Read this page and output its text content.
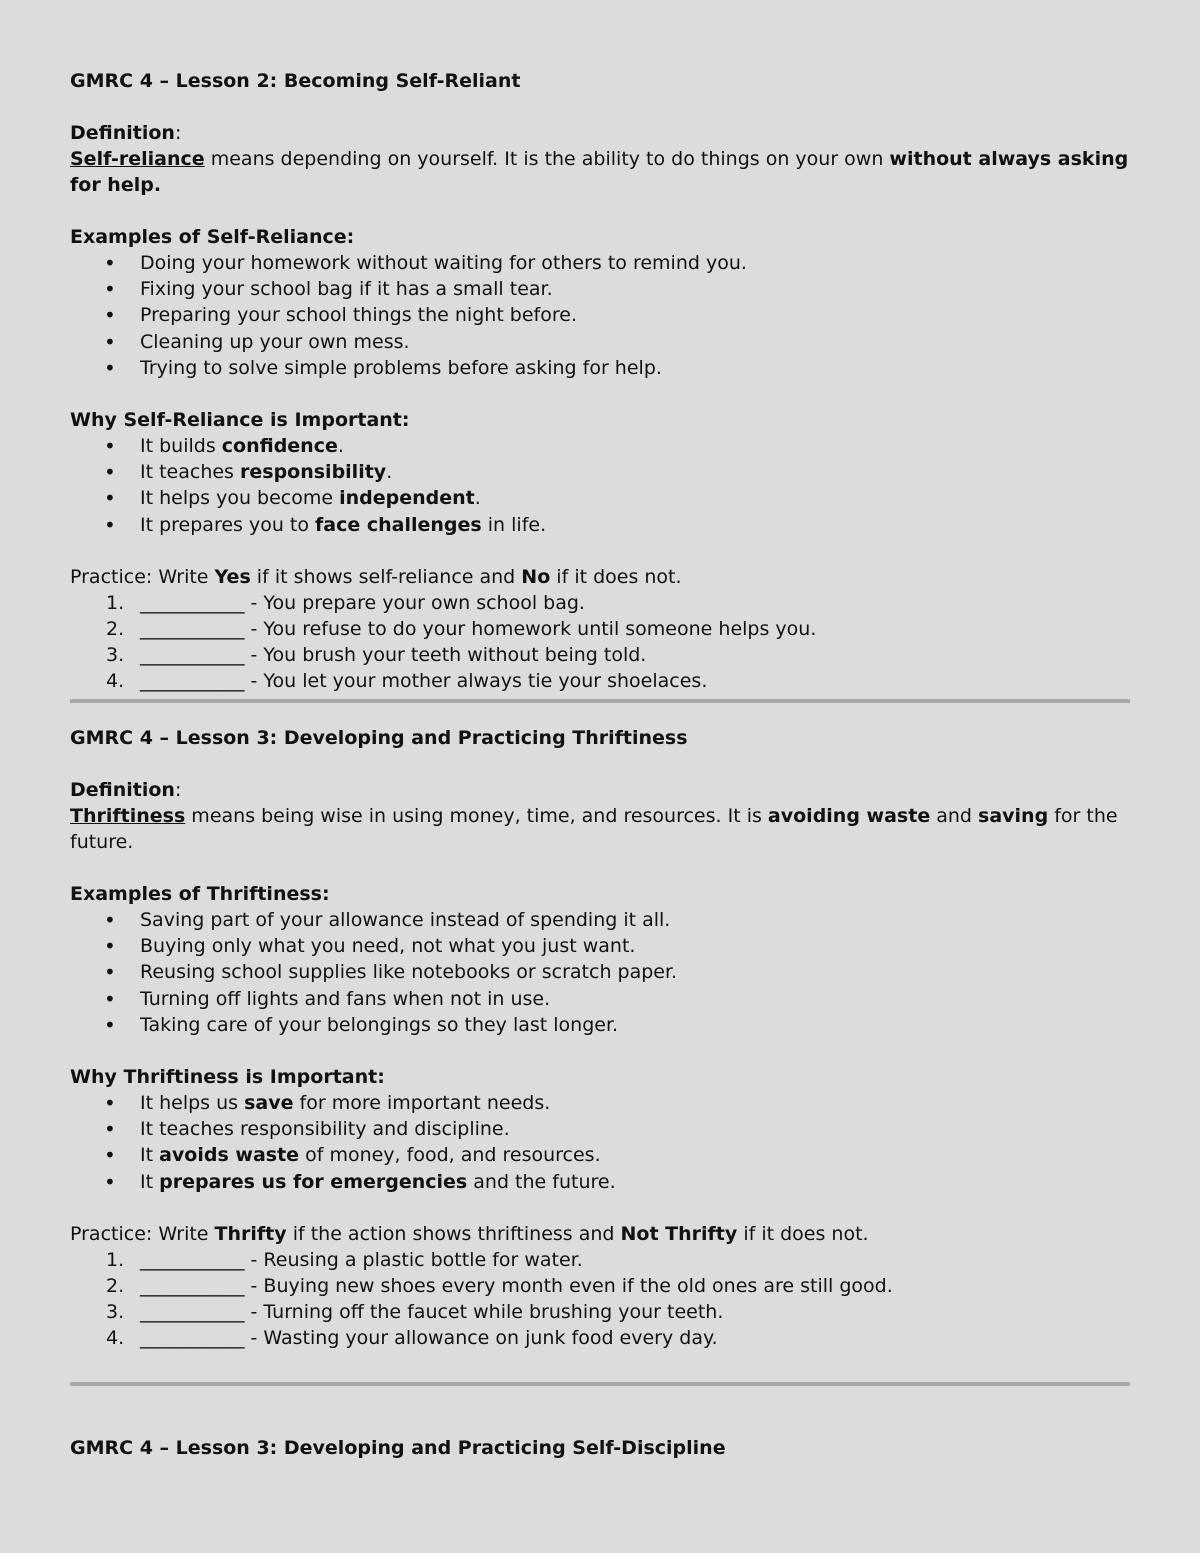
GMRC 4 – Lesson 2: Becoming Self-Reliant

Definition:

Self-reliance means depending on yourself. It is the ability to do things on your own without always asking for help.

Examples of Self-Reliance:

• Doing your homework without waiting for others to remind you.
• Fixing your school bag if it has a small tear.
• Preparing your school things the night before.
• Cleaning up your own mess.
• Trying to solve simple problems before asking for help.

Why Self-Reliance is Important:

• It builds confidence.
• It teaches responsibility.
• It helps you become independent.
• It prepares you to face challenges in life.

Practice: Write Yes if it shows self-reliance and No if it does not.

1. ___________ - You prepare your own school bag.
2. ___________ - You refuse to do your homework until someone helps you.
3. ___________ - You brush your teeth without being told.
4. ___________ - You let your mother always tie your shoelaces.

GMRC 4 – Lesson 3: Developing and Practicing Thriftiness

Definition:

Thriftiness means being wise in using money, time, and resources. It is avoiding waste and saving for the future.

Examples of Thriftiness:

• Saving part of your allowance instead of spending it all.
• Buying only what you need, not what you just want.
• Reusing school supplies like notebooks or scratch paper.
• Turning off lights and fans when not in use.
• Taking care of your belongings so they last longer.

Why Thriftiness is Important:

• It helps us save for more important needs.
• It teaches responsibility and discipline.
• It avoids waste of money, food, and resources.
• It prepares us for emergencies and the future.

Practice: Write Thrifty if the action shows thriftiness and Not Thrifty if it does not.

1. ___________ - Reusing a plastic bottle for water.
2. ___________ - Buying new shoes every month even if the old ones are still good.
3. ___________ - Turning off the faucet while brushing your teeth.
4. ___________ - Wasting your allowance on junk food every day.

GMRC 4 – Lesson 3: Developing and Practicing Self-Discipline
